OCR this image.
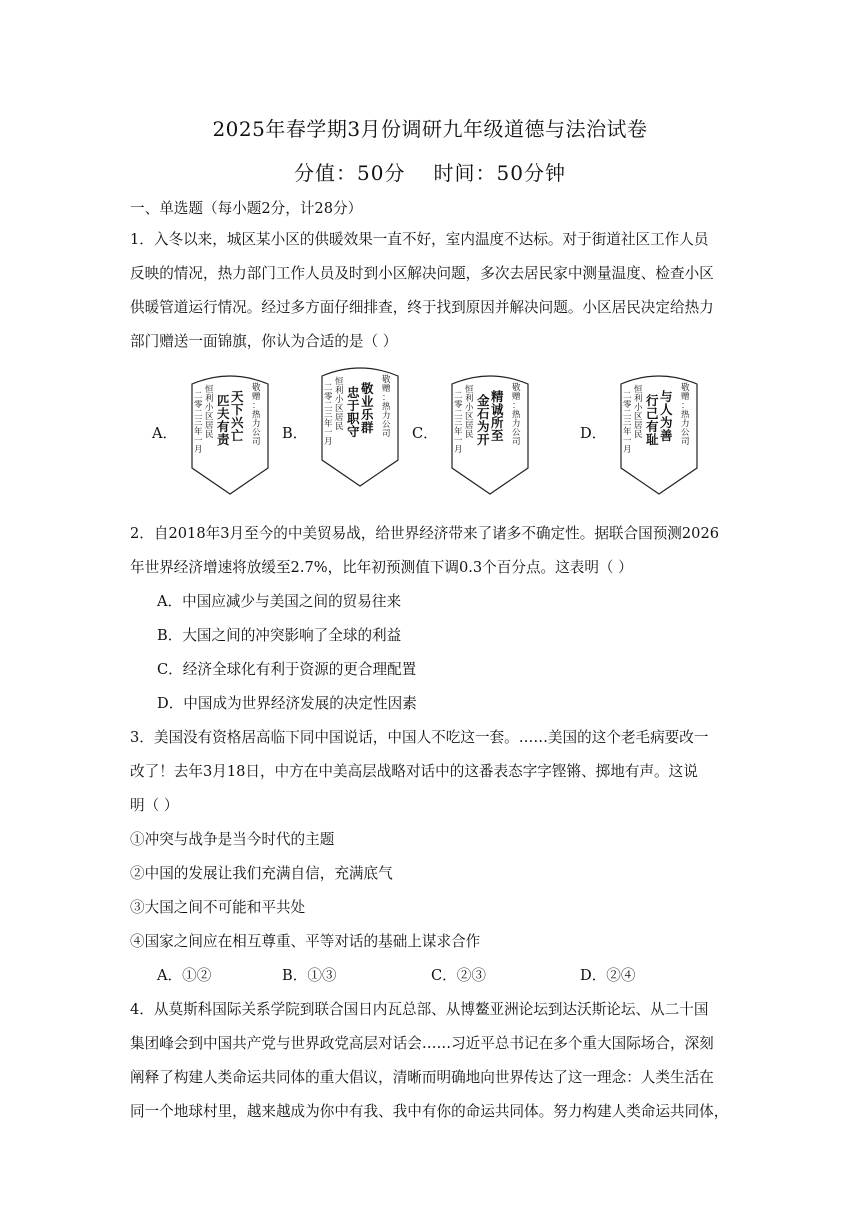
2025年春学期3月份调研九年级道德与法治试卷
分值：50分 时间：50分钟
一、单选题（每小题2分，计28分）
1．入冬以来，城区某小区的供暖效果一直不好，室内温度不达标。对于街道社区工作人员
反映的情况，热力部门工作人员及时到小区解决问题，多次去居民家中测量温度、检查小区
供暖管道运行情况。经过多方面仔细排查，终于找到原因并解决问题。小区居民决定给热力
部门赠送一面锦旗，你认为合适的是（ ）
A．	B．	C．	D．
二
零
二
三
年
一
月
恒
利
小
区
居
民
匹
夫
有
责
天
下
兴
亡
敬
赠
：
热
力
公
司
二
零
二
三
年
一
月
恒
利
小
区
居
民
忠
于
职
守
敬
业
乐
群
敬
赠
：
热
力
公
司
二
零
二
三
年
一
月
恒
利
小
区
居
民
金
石
为
开
精
诚
所
至
敬
赠
：
热
力
公
司
二
零
二
三
年
一
月
恒
利
小
区
居
民
行
己
有
耻
与
人
为
善
敬
赠
：
热
力
公
司
2．自2018年3月至今的中美贸易战，给世界经济带来了诸多不确定性。据联合国预测2026
年世界经济增速将放缓至2.7%，比年初预测值下调0.3个百分点。这表明（ ）
A．中国应减少与美国之间的贸易往来
B．大国之间的冲突影响了全球的利益
C．经济全球化有利于资源的更合理配置
D．中国成为世界经济发展的决定性因素
3．美国没有资格居高临下同中国说话，中国人不吃这一套。……美国的这个老毛病要改一
改了！去年3月18日，中方在中美高层战略对话中的这番表态字字铿锵、掷地有声。这说
明（ ）
①冲突与战争是当今时代的主题
②中国的发展让我们充满自信，充满底气
③大国之间不可能和平共处
④国家之间应在相互尊重、平等对话的基础上谋求合作
A．①②	B．①③	C．②③	D．②④
4．从莫斯科国际关系学院到联合国日内瓦总部、从博鳌亚洲论坛到达沃斯论坛、从二十国
集团峰会到中国共产党与世界政党高层对话会……习近平总书记在多个重大国际场合，深刻
阐释了构建人类命运共同体的重大倡议，清晰而明确地向世界传达了这一理念：人类生活在
同一个地球村里，越来越成为你中有我、我中有你的命运共同体。努力构建人类命运共同体，
